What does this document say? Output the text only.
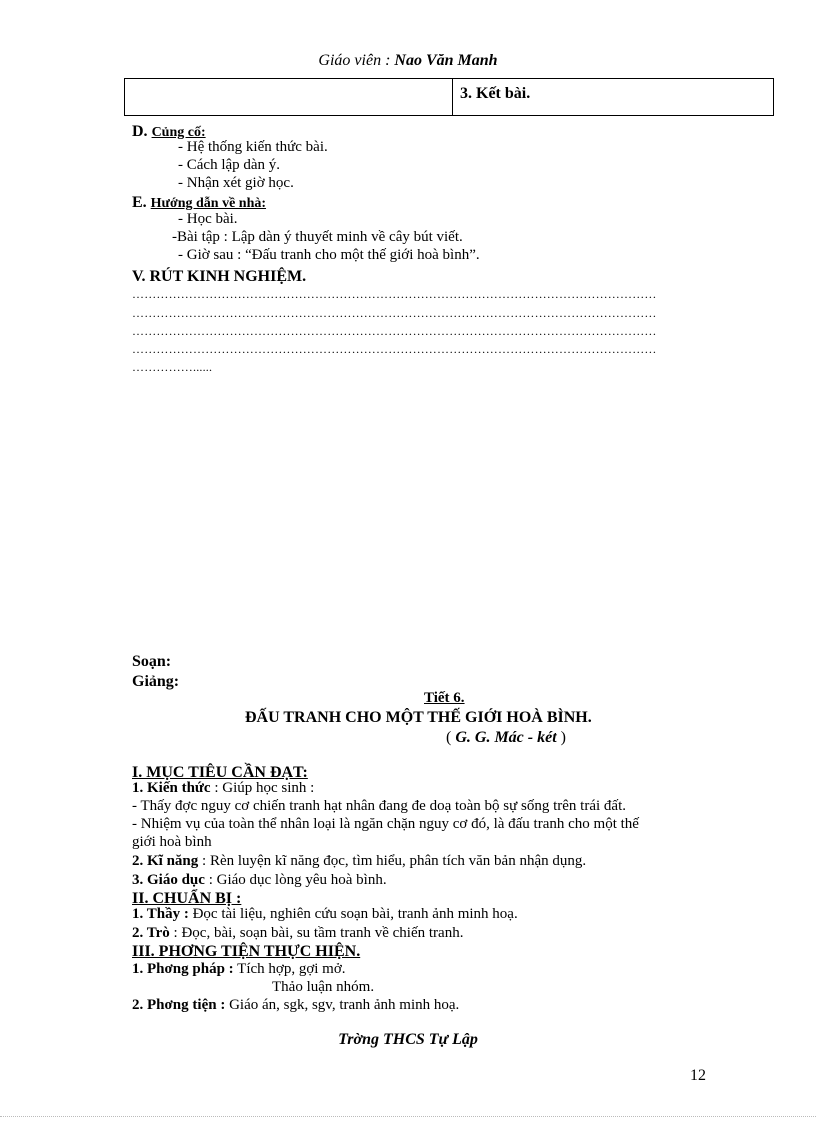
Giáo viên : Nao Văn Manh
3. Kết bài.
D. Củng cố:
- Hệ thống kiến thức bài.
- Cách lập dàn ý.
- Nhận xét giờ học.
E. Hướng dẫn về nhà:
- Học bài.
-Bài tập : Lập dàn ý thuyết minh về cây bút viết.
- Giờ sau : “Đấu tranh cho một thế giới hoà bình”.
V. RÚT KINH NGHIỆM.
…………………………………………………………………………………………………………………
…………………………………………………………………………………………………………………
…………………………………………………………………………………………………………………
…………………………………………………………………………………………………………………
……………......
Soạn:
Giảng:
Tiết 6.
ĐẤU TRANH CHO MỘT THẾ GIỚI HOÀ BÌNH.
( G. G. Mác - két )
I. MỤC TIÊU CẦN ĐẠT:
1. Kiến thức : Giúp học sinh :
- Thấy đợc nguy cơ chiến tranh hạt nhân đang đe doạ toàn bộ sự sống trên trái đất.
- Nhiệm vụ của toàn thể nhân loại là ngăn chặn nguy cơ đó, là đấu tranh cho một thế
giới hoà bình
2. Kĩ năng : Rèn luyện kĩ năng đọc, tìm hiểu, phân tích văn bản nhận dụng.
3. Giáo dục : Giáo dục lòng yêu hoà bình.
II. CHUẨN BỊ :
1. Thầy : Đọc tài liệu, nghiên cứu soạn bài, tranh ảnh minh hoạ.
2. Trò : Đọc, bài, soạn bài, su tầm tranh về chiến tranh.
III. PHƠNG TIỆN THỰC HIỆN.
1. Phơng pháp : Tích hợp, gợi mở.
Thảo luận nhóm.
2. Phơng tiện : Giáo án, sgk, sgv, tranh ảnh minh hoạ.
Trờng THCS Tự Lập
12
